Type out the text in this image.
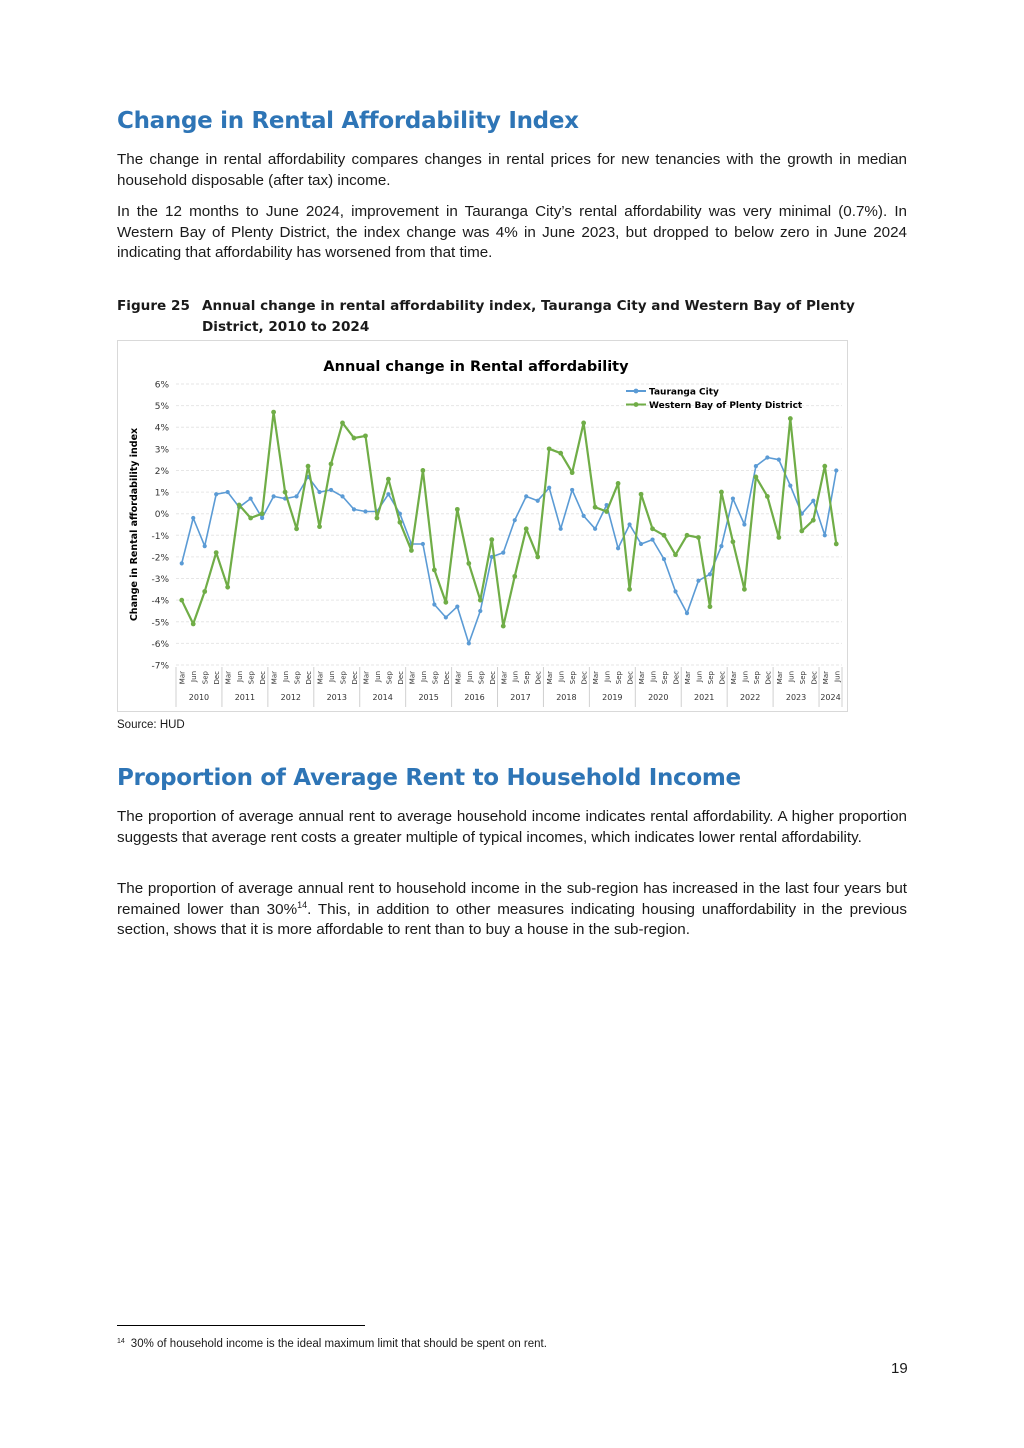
Change in Rental Affordability Index

The change in rental affordability compares changes in rental prices for new tenancies with the growth in median household disposable (after tax) income.

In the 12 months to June 2024, improvement in Tauranga City’s rental affordability was very minimal (0.7%). In Western Bay of Plenty District, the index change was 4% in June 2023, but dropped to below zero in June 2024 indicating that affordability has worsened from that time.

Figure 25 Annual change in rental affordability index, Tauranga City and Western Bay of Plenty District, 2010 to 2024
Annual change in Rental affordability
6%
5%
4%
3%
2%
1%
0%
-1%
-2%
-3%
-4%
-5%
-6%
-7%
Change in Rental affordability index
Mar Jun Sep Dec Mar Jun Sep Dec Mar Jun Sep Dec Mar Jun Sep Dec Mar Jun Sep Dec Mar Jun Sep Dec Mar Jun Sep Dec Mar Jun Sep Dec Mar Jun Sep Dec Mar Jun Sep Dec Mar Jun Sep Dec Mar Jun Sep Dec Mar Jun Sep Dec Mar Jun Sep Dec Mar Jun
2010	2011	2012	2013	2014	2015	2016	2017	2018	2019	2020	2021	2022	2023 2024
Tauranga City
Western Bay of Plenty District
Source: HUD
Proportion of Average Rent to Household Income

The proportion of average annual rent to average household income indicates rental affordability. A higher proportion suggests that average rent costs a greater multiple of typical incomes, which indicates lower rental affordability.

The proportion of average annual rent to household income in the sub-region has increased in the last four years but remained lower than 30%$^{14}$. This, in addition to other measures indicating housing unaffordability in the previous section, shows that it is more affordable to rent than to buy a house in the sub-region.

$^{14}$ 30% of household income is the ideal maximum limit that should be spent on rent.
19
